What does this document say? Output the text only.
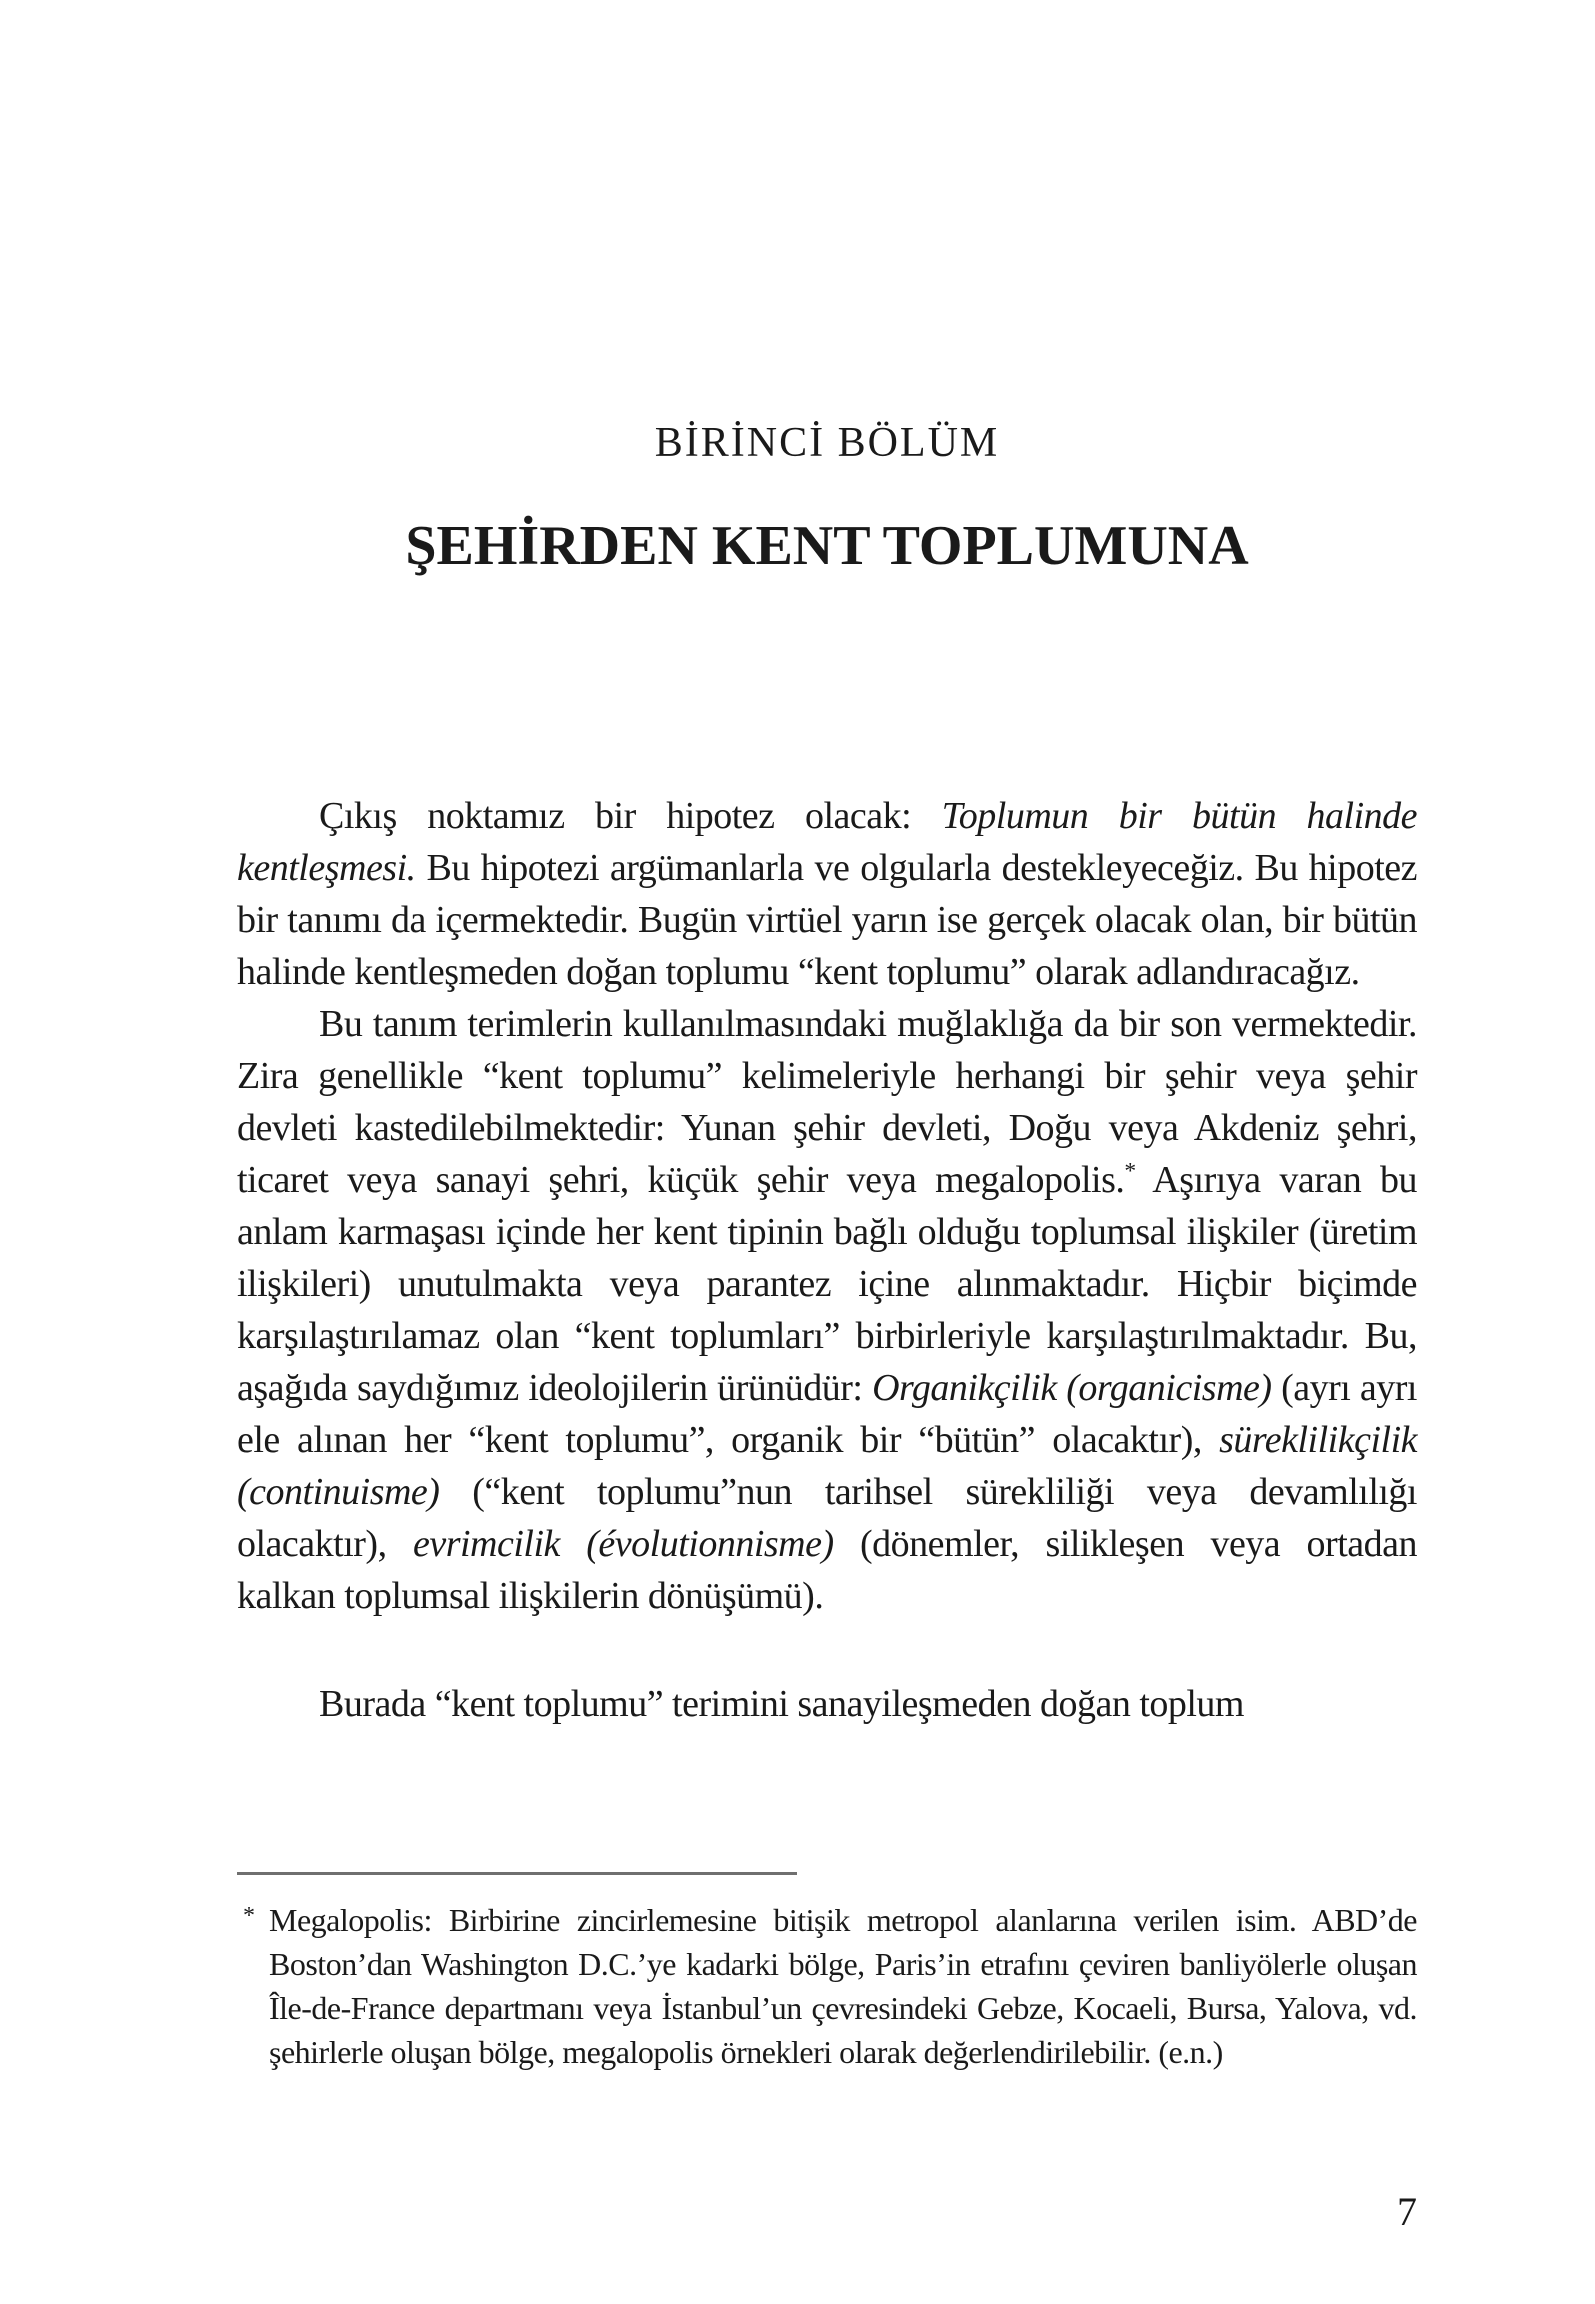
BİRİNCİ BÖLÜM
ŞEHİRDEN KENT TOPLUMUNA

Çıkış noktamız bir hipotez olacak: Toplumun bir bütün halinde kentleşmesi. Bu hipotezi argümanlarla ve olgularla destekleyeceğiz. Bu hipotez bir tanımı da içermektedir. Bugün virtüel yarın ise gerçek olacak olan, bir bütün halinde kentleşmeden doğan toplumu “kent toplumu” olarak adlandıracağız.

Bu tanım terimlerin kullanılmasındaki muğlaklığa da bir son vermektedir. Zira genellikle “kent toplumu” kelimeleriyle herhangi bir şehir veya şehir devleti kastedilebilmektedir: Yunan şehir devleti, Doğu veya Akdeniz şehri, ticaret veya sanayi şehri, küçük şehir veya megalopolis.* Aşırıya varan bu anlam karmaşası içinde her kent tipinin bağlı olduğu toplumsal ilişkiler (üretim ilişkileri) unutulmakta veya parantez içine alınmaktadır. Hiçbir biçimde karşılaştırılamaz olan “kent toplumları” birbirleriyle karşılaştırılmaktadır. Bu, aşağıda saydığımız ideolojilerin ürünüdür: Organikçilik (organicisme) (ayrı ayrı ele alınan her “kent toplumu”, organik bir “bütün” olacaktır), süreklilikçilik (continuisme) (“kent toplumu”nun tarihsel sürekliliği veya devamlılığı olacaktır), evrimcilik (évolutionnisme) (dönemler, silikleşen veya ortadan kalkan toplumsal ilişkilerin dönüşümü).

Burada “kent toplumu” terimini sanayileşmeden doğan toplum

* Megalopolis: Birbirine zincirlemesine bitişik metropol alanlarına verilen isim. ABD’de Boston’dan Washington D.C.’ye kadarki bölge, Paris’in etrafını çeviren banliyölerle oluşan Île-de-France departmanı veya İstanbul’un çevresindeki Gebze, Kocaeli, Bursa, Yalova, vd. şehirlerle oluşan bölge, megalopolis örnekleri olarak değerlendirilebilir. (e.n.)
7
